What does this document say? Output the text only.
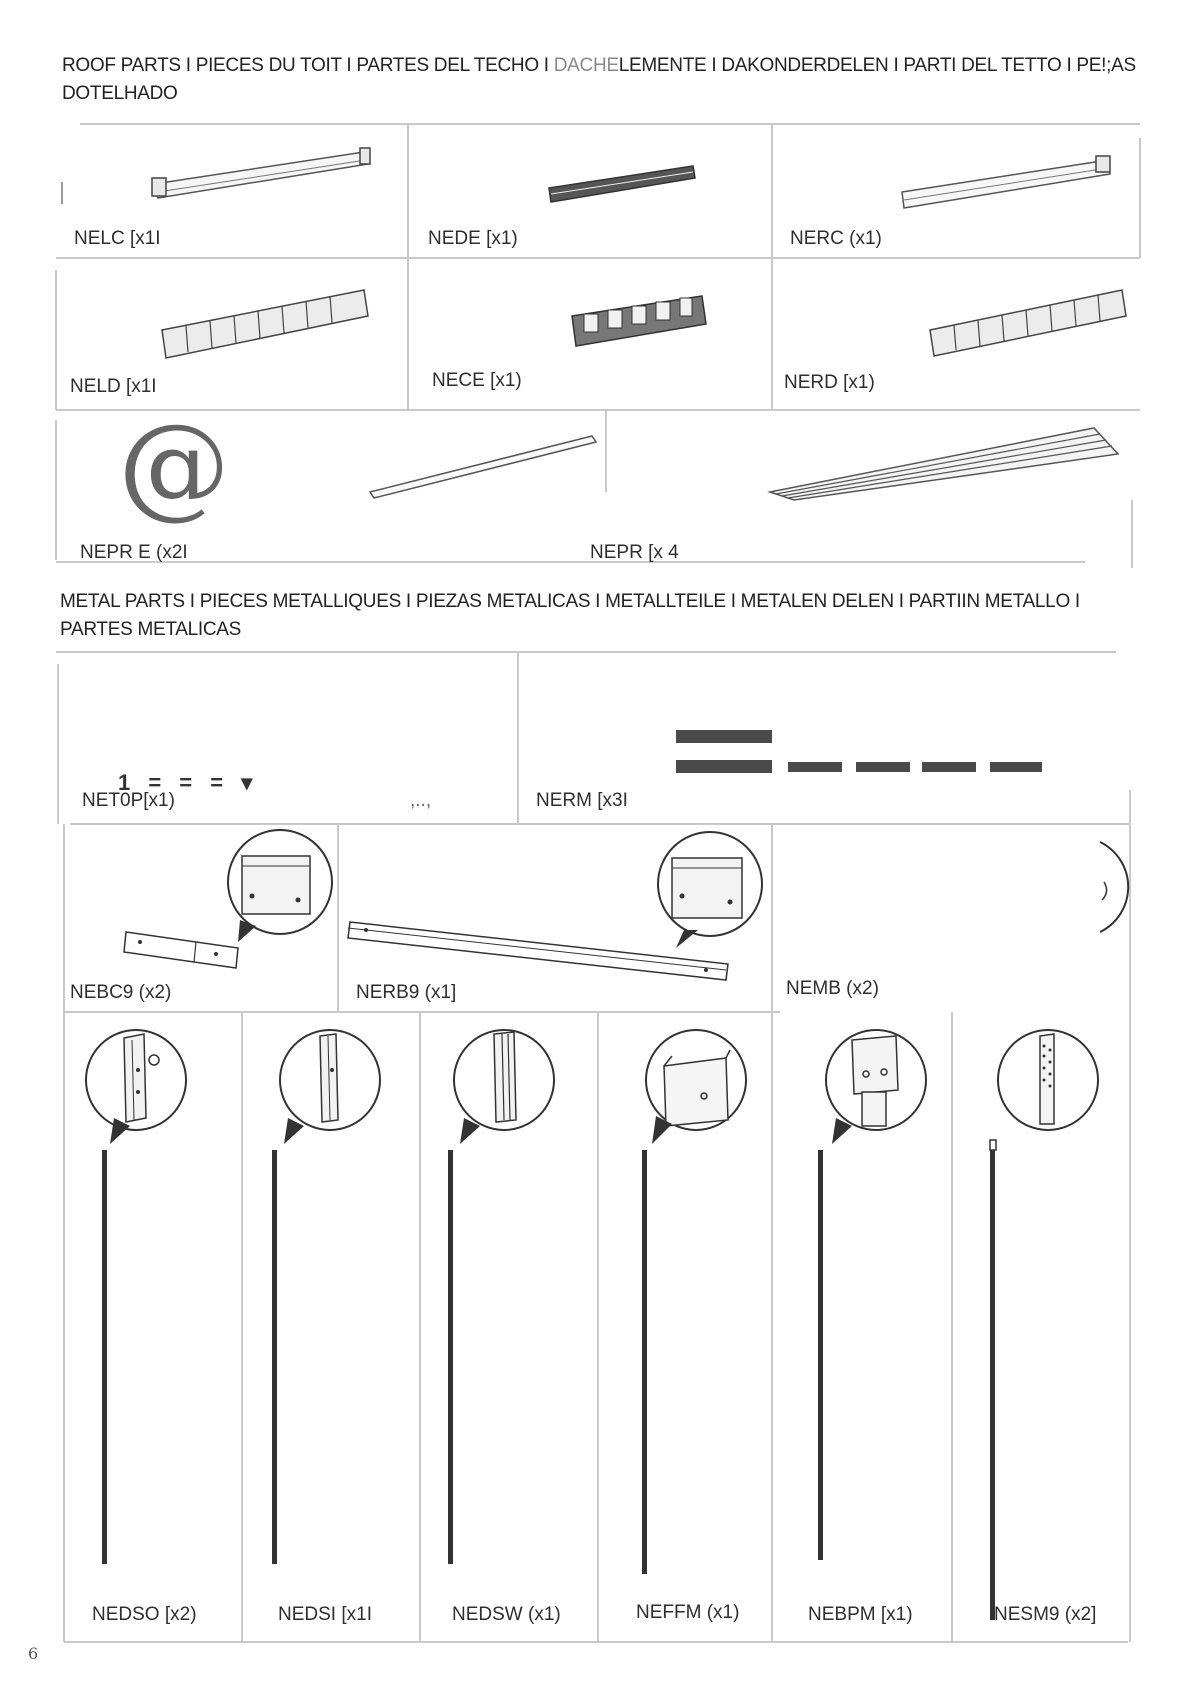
ROOF PARTS I PIECES DU TOIT I PARTES DEL TECHO I DACHELEMENTE I DAKONDERDELEN I PARTI DEL TETTO I PE!;AS
DOTELHADO
@
NELC [x1I	NEDE [x1)	NERC (x1)
NELD [x1I	NECE [x1)	NERD [x1)
NEPR E (x2I	NEPR [x 4
METAL PARTS I PIECES METALLIQUES I PIEZAS METALICAS I METALLTEILE I METALEN DELEN I PARTIIN METALLO I
PARTES METALICAS
1 = = = ▾
,..,
NET0P[x1)	NERM [x3I
NEBC9 (x2)	NERB9 (x1]	NEMB (x2)
NEDSO [x2)	NEDSI [x1I	NEDSW (x1)	NEFFM (x1)	NEBPM [x1)	NESM9 (x2]
6
